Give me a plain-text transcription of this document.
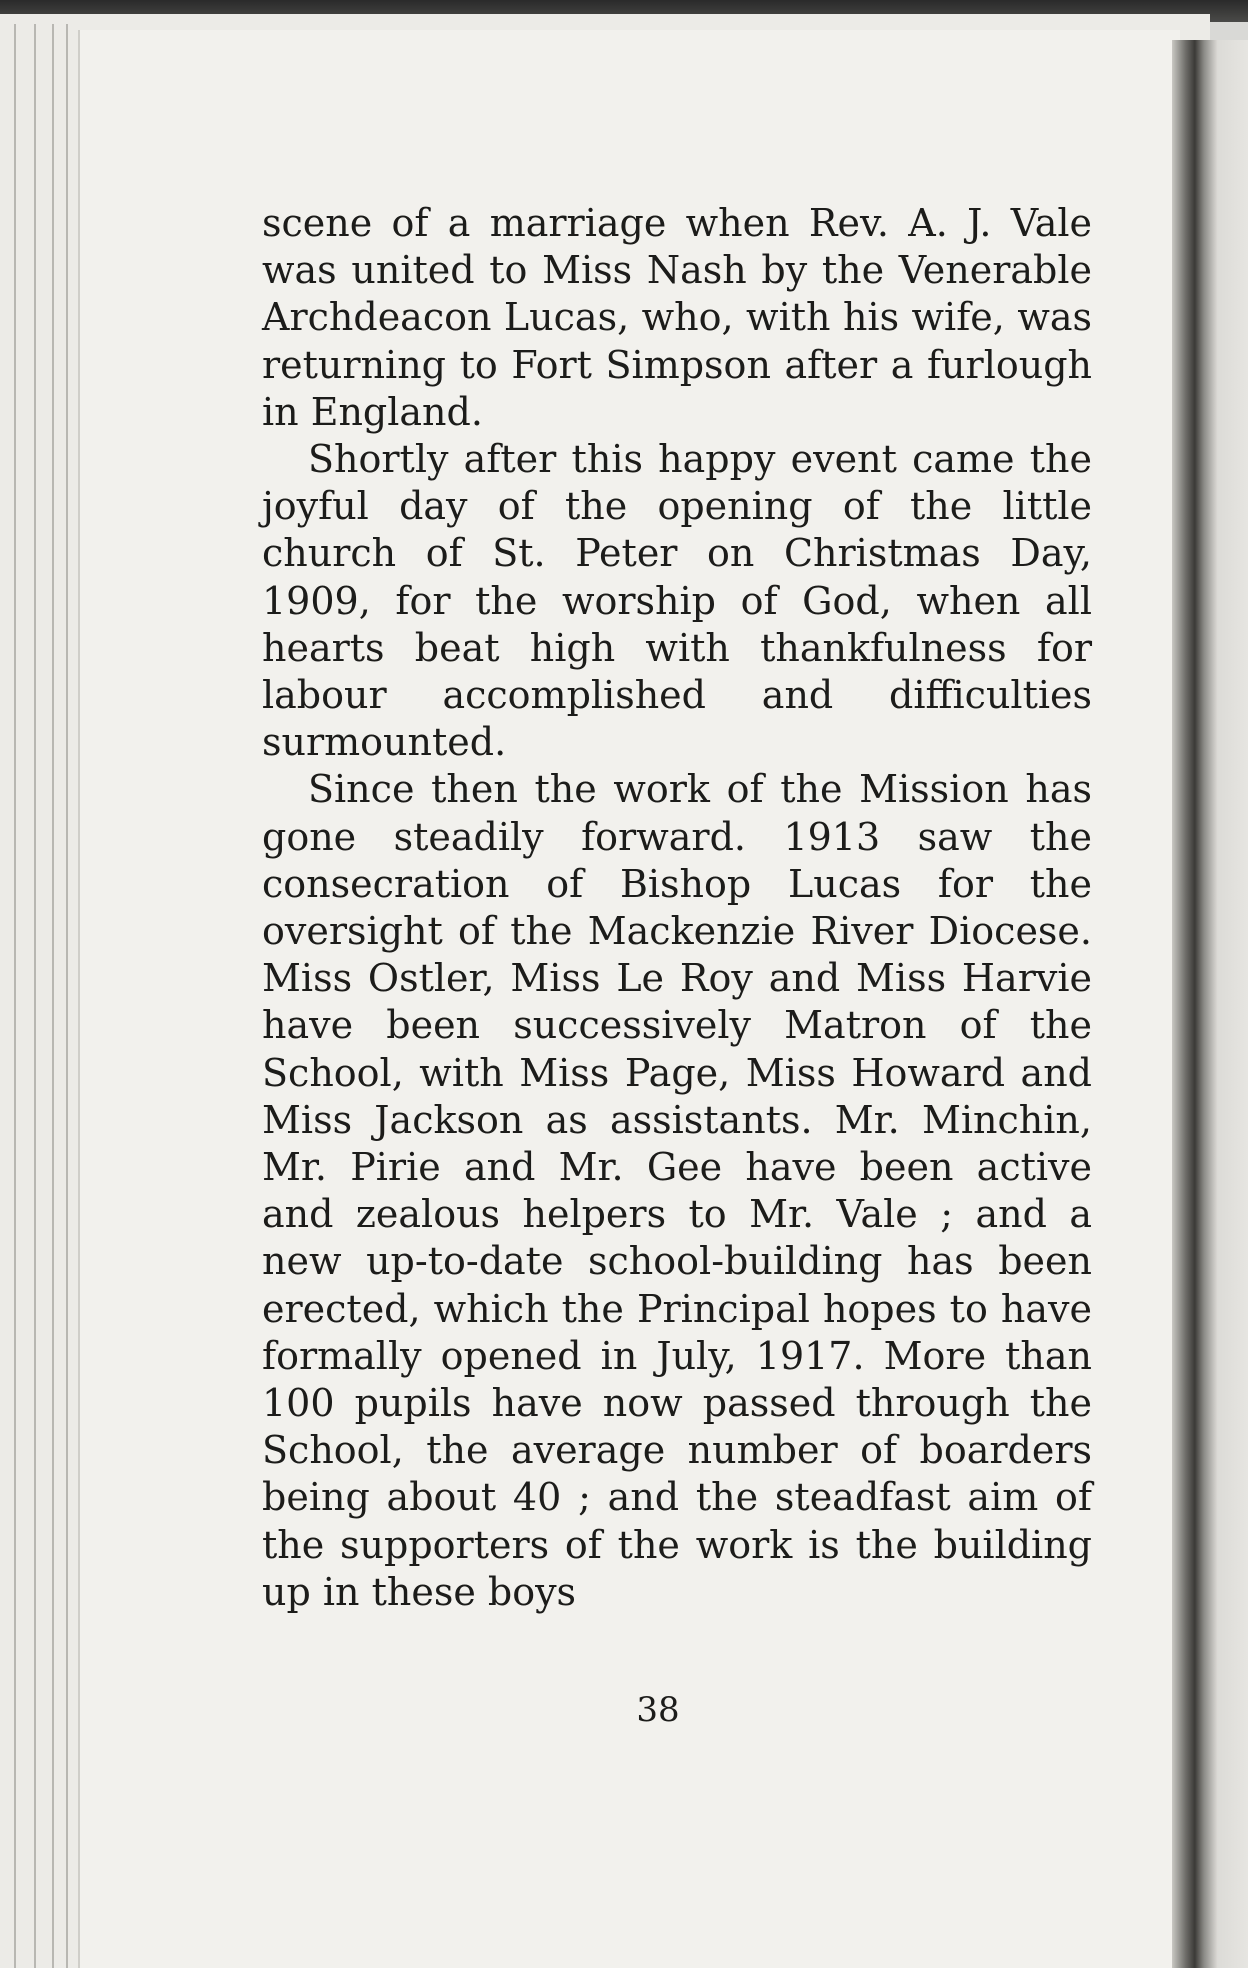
scene of a marriage when Rev. A. J. Vale was united to Miss Nash by the Venerable Archdeacon Lucas, who, with his wife, was returning to Fort Simpson after a furlough in England.

Shortly after this happy event came the joyful day of the opening of the little church of St. Peter on Christmas Day, 1909, for the worship of God, when all hearts beat high with thankfulness for labour accomplished and difficulties surmounted.

Since then the work of the Mission has gone steadily forward. 1913 saw the consecration of Bishop Lucas for the oversight of the Mackenzie River Diocese. Miss Ostler, Miss Le Roy and Miss Harvie have been successively Matron of the School, with Miss Page, Miss Howard and Miss Jackson as assistants. Mr. Minchin, Mr. Pirie and Mr. Gee have been active and zealous helpers to Mr. Vale ; and a new up-to-date school-building has been erected, which the Principal hopes to have formally opened in July, 1917. More than 100 pupils have now passed through the School, the average number of boarders being about 40 ; and the steadfast aim of the supporters of the work is the building up in these boys

38
